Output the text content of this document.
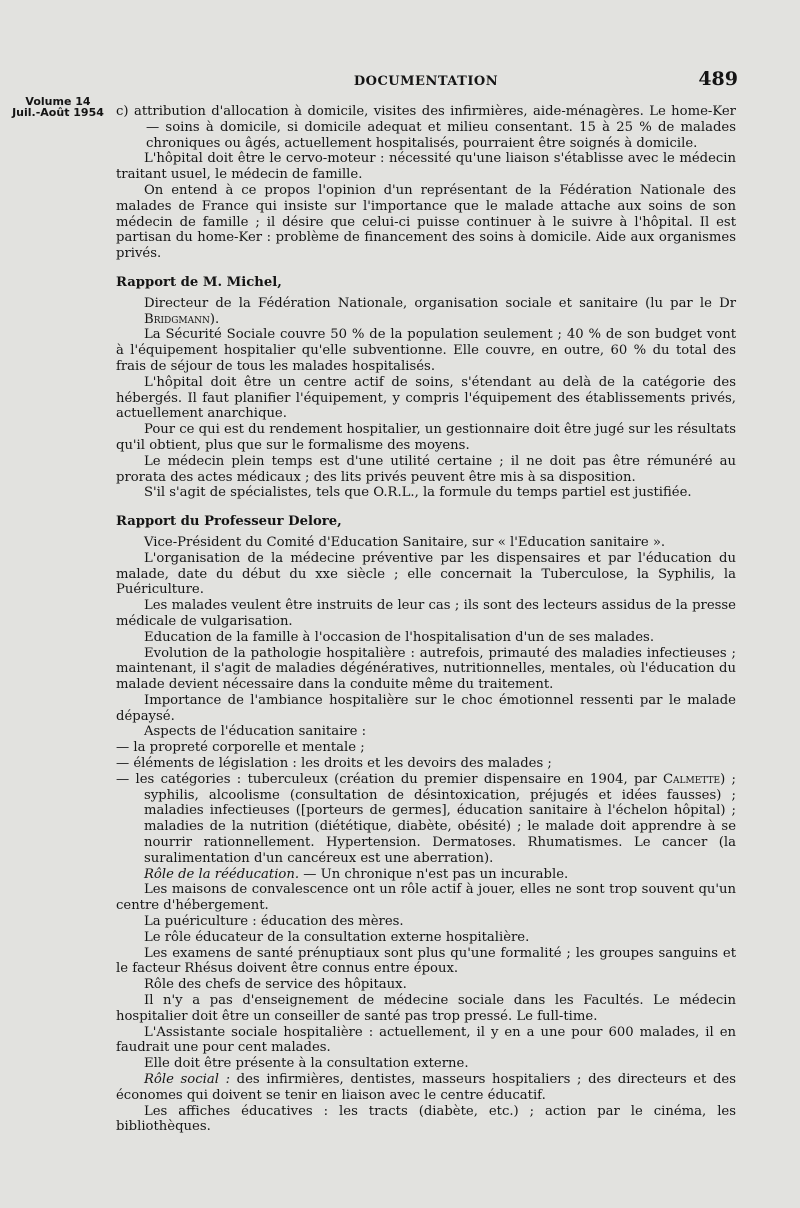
Volume 14
Juil.-Août 1954
DOCUMENTATION	489

c) attribution d'allocation à domicile, visites des infirmières, aide-ménagères. Le home-Ker — soins à domicile, si domicile adequat et milieu consentant. 15 à 25 % de malades chroniques ou âgés, actuellement hospitalisés, pourraient être soignés à domicile.

L'hôpital doit être le cervo-moteur : nécessité qu'une liaison s'établisse avec le médecin traitant usuel, le médecin de famille.

On entend à ce propos l'opinion d'un représentant de la Fédération Nationale des malades de France qui insiste sur l'importance que le malade attache aux soins de son médecin de famille ; il désire que celui-ci puisse continuer à le suivre à l'hôpital. Il est partisan du home-Ker : problème de financement des soins à domicile. Aide aux organismes privés.

Rapport de M. Michel,

Directeur de la Fédération Nationale, organisation sociale et sanitaire (lu par le Dr Bridgmann).

La Sécurité Sociale couvre 50 % de la population seulement ; 40 % de son budget vont à l'équipement hospitalier qu'elle subventionne. Elle couvre, en outre, 60 % du total des frais de séjour de tous les malades hospitalisés.

L'hôpital doit être un centre actif de soins, s'étendant au delà de la catégorie des hébergés. Il faut planifier l'équipement, y compris l'équipement des établissements privés, actuellement anarchique.

Pour ce qui est du rendement hospitalier, un gestionnaire doit être jugé sur les résultats qu'il obtient, plus que sur le formalisme des moyens.

Le médecin plein temps est d'une utilité certaine ; il ne doit pas être rémunéré au prorata des actes médicaux ; des lits privés peuvent être mis à sa disposition.

S'il s'agit de spécialistes, tels que O.R.L., la formule du temps partiel est justifiée.

Rapport du Professeur Delore,

Vice-Président du Comité d'Education Sanitaire, sur « l'Education sanitaire ».

L'organisation de la médecine préventive par les dispensaires et par l'éducation du malade, date du début du xxe siècle ; elle concernait la Tuberculose, la Syphilis, la Puériculture.

Les malades veulent être instruits de leur cas ; ils sont des lecteurs assidus de la presse médicale de vulgarisation.

Education de la famille à l'occasion de l'hospitalisation d'un de ses malades.

Evolution de la pathologie hospitalière : autrefois, primauté des maladies infectieuses ; maintenant, il s'agit de maladies dégénératives, nutritionnelles, mentales, où l'éducation du malade devient nécessaire dans la conduite même du traitement.

Importance de l'ambiance hospitalière sur le choc émotionnel ressenti par le malade dépaysé.

Aspects de l'éducation sanitaire :

— la propreté corporelle et mentale ;

— éléments de législation : les droits et les devoirs des malades ;

— les catégories : tuberculeux (création du premier dispensaire en 1904, par Calmette) ; syphilis, alcoolisme (consultation de désintoxication, préjugés et idées fausses) ; maladies infectieuses ([porteurs de germes], éducation sanitaire à l'échelon hôpital) ; maladies de la nutrition (diététique, diabète, obésité) ; le malade doit apprendre à se nourrir rationnellement. Hypertension. Dermatoses. Rhumatismes. Le cancer (la suralimentation d'un cancéreux est une aberration).

Rôle de la rééducation. — Un chronique n'est pas un incurable.

Les maisons de convalescence ont un rôle actif à jouer, elles ne sont trop souvent qu'un centre d'hébergement.

La puériculture : éducation des mères.

Le rôle éducateur de la consultation externe hospitalière.

Les examens de santé prénuptiaux sont plus qu'une formalité ; les groupes sanguins et le facteur Rhésus doivent être connus entre époux.

Rôle des chefs de service des hôpitaux.

Il n'y a pas d'enseignement de médecine sociale dans les Facultés. Le médecin hospitalier doit être un conseiller de santé pas trop pressé. Le full-time.

L'Assistante sociale hospitalière : actuellement, il y en a une pour 600 malades, il en faudrait une pour cent malades.

Elle doit être présente à la consultation externe.

Rôle social : des infirmières, dentistes, masseurs hospitaliers ; des directeurs et des économes qui doivent se tenir en liaison avec le centre éducatif.

Les affiches éducatives : les tracts (diabète, etc.) ; action par le cinéma, les bibliothèques.
